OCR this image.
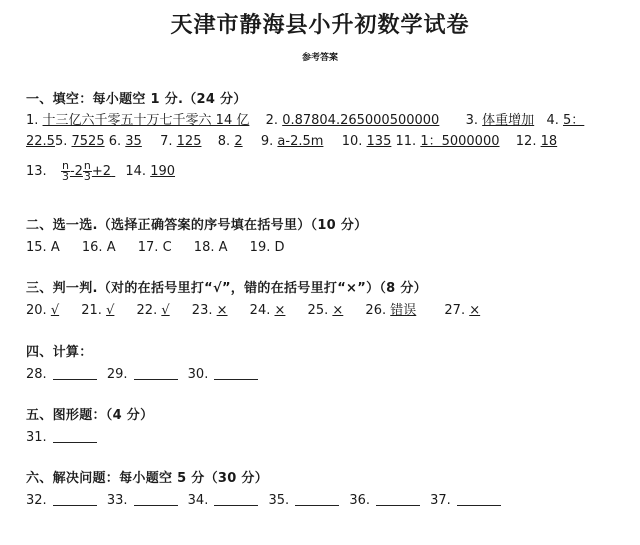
天津市静海县小升初数学试卷
参考答案
一、填空：每小题空 1 分.（24 分）
1. 十三亿六千零五十万七千零六 14 亿 2. 0.87804.265000500000 3. 体重增加 4. 5：
22.55. 7525 6. 35 7. 125 8. 2 9. a-2.5m 10. 135 11. 1：5000000 12. 18
13. $\frac{n}{3} -2 \frac{n}{3} +2$ 14. 190
二、选一选.（选择正确答案的序号填在括号里）（10 分）
15. A 16. A 17. C 18. A 19. D
三、判一判.（对的在括号里打“√”，错的在括号里打“×”）（8 分）
20. √ 21. √ 22. √ 23. × 24. × 25. × 26. 错误 27. ×
四、计算：
28.	29.	30.
五、图形题：（4 分）
31.
六、解决问题：每小题空 5 分（30 分）
32.	33.	34.	35.	36.	37.
